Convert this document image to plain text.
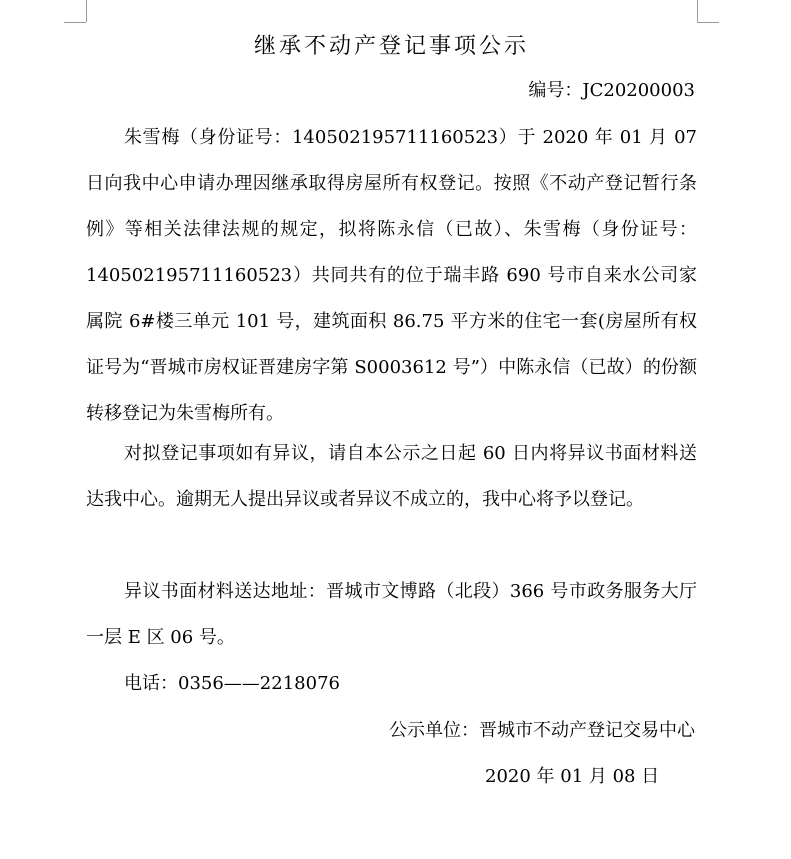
继承不动产登记事项公示
编号：JC20200003

朱雪梅（身份证号：140502195711160523）于 2020 年 01 月 07 日向我中心申请办理因继承取得房屋所有权登记。按照《不动产登记暂行条例》等相关法律法规的规定，拟将陈永信（已故）、朱雪梅（身份证号：140502195711160523）共同共有的位于瑞丰路 690 号市自来水公司家属院 6#楼三单元 101 号，建筑面积 86.75 平方米的住宅一套(房屋所有权证号为“晋城市房权证晋建房字第 S0003612 号”）中陈永信（已故）的份额转移登记为朱雪梅所有。

对拟登记事项如有异议，请自本公示之日起 60 日内将异议书面材料送达我中心。逾期无人提出异议或者异议不成立的，我中心将予以登记。

异议书面材料送达地址：晋城市文博路（北段）366 号市政务服务大厅一层 E 区 06 号。

电话：0356——2218076

公示单位：晋城市不动产登记交易中心
2020 年 01 月 08 日
